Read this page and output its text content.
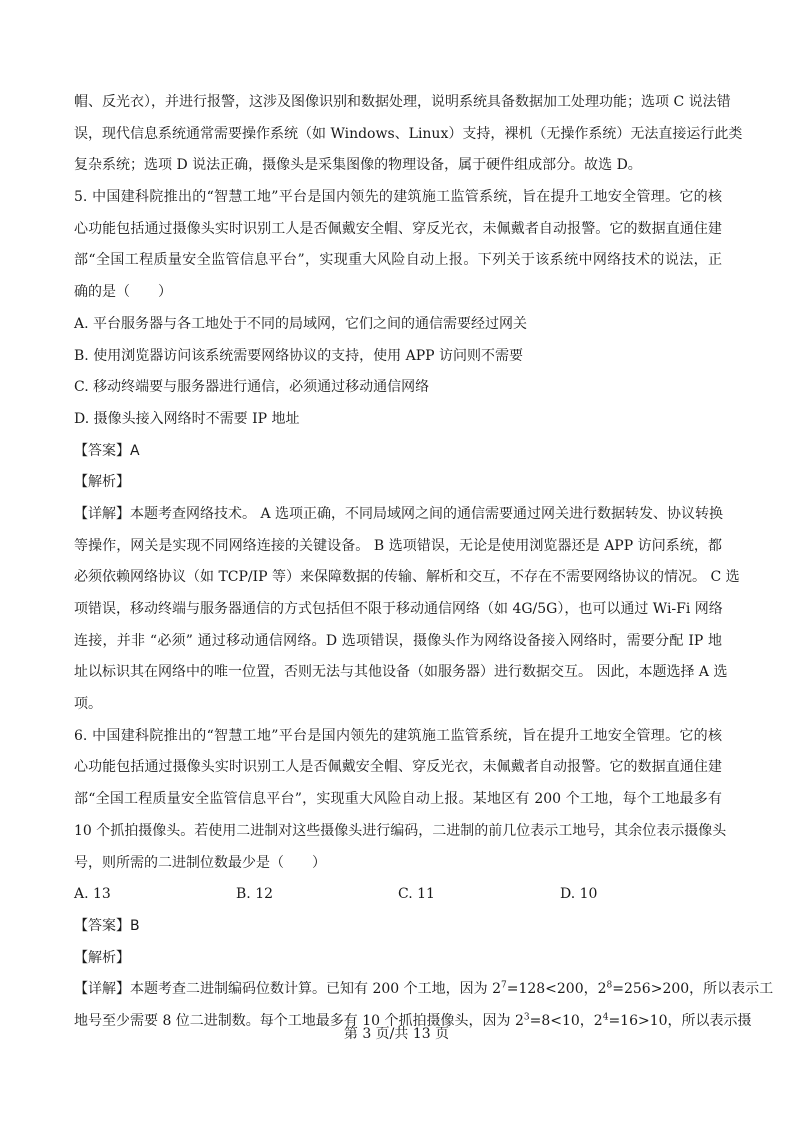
帽、反光衣），并进行报警，这涉及图像识别和数据处理，说明系统具备数据加工处理功能；选项 C 说法错
误，现代信息系统通常需要操作系统（如 Windows、Linux）支持，裸机（无操作系统）无法直接运行此类
复杂系统；选项 D 说法正确，摄像头是采集图像的物理设备，属于硬件组成部分。故选 D。
5. 中国建科院推出的“智慧工地”平台是国内领先的建筑施工监管系统，旨在提升工地安全管理。它的核
心功能包括通过摄像头实时识别工人是否佩戴安全帽、穿反光衣，未佩戴者自动报警。它的数据直通住建
部“全国工程质量安全监管信息平台”，实现重大风险自动上报。下列关于该系统中网络技术的说法，正
确的是（　　）
A. 平台服务器与各工地处于不同的局域网，它们之间的通信需要经过网关
B. 使用浏览器访问该系统需要网络协议的支持，使用 APP 访问则不需要
C. 移动终端要与服务器进行通信，必须通过移动通信网络
D. 摄像头接入网络时不需要 IP 地址
【答案】A
【解析】
【详解】本题考查网络技术。 A 选项正确，不同局域网之间的通信需要通过网关进行数据转发、协议转换
等操作，网关是实现不同网络连接的关键设备。 B 选项错误，无论是使用浏览器还是 APP 访问系统，都
必须依赖网络协议（如 TCP/IP 等）来保障数据的传输、解析和交互，不存在不需要网络协议的情况。 C 选
项错误，移动终端与服务器通信的方式包括但不限于移动通信网络（如 4G/5G），也可以通过 Wi-Fi 网络
连接，并非 “必须” 通过移动通信网络。D 选项错误，摄像头作为网络设备接入网络时，需要分配 IP 地
址以标识其在网络中的唯一位置，否则无法与其他设备（如服务器）进行数据交互。 因此，本题选择 A 选
项。
6. 中国建科院推出的“智慧工地”平台是国内领先的建筑施工监管系统，旨在提升工地安全管理。它的核
心功能包括通过摄像头实时识别工人是否佩戴安全帽、穿反光衣，未佩戴者自动报警。它的数据直通住建
部“全国工程质量安全监管信息平台”，实现重大风险自动上报。某地区有 200 个工地，每个工地最多有
10 个抓拍摄像头。若使用二进制对这些摄像头进行编码，二进制的前几位表示工地号，其余位表示摄像头
号，则所需的二进制位数最少是（　　）
A. 13	B. 12	C. 11	D. 10
【答案】B
【解析】
【详解】本题考查二进制编码位数计算。已知有 200 个工地，因为 $2^7=128<200$，$2^8=256>200$，所以表示工
地号至少需要 8 位二进制数。每个工地最多有 10 个抓拍摄像头，因为 $2^3=8<10$，$2^4=16>10$，所以表示摄
第 3 页/共 13 页
